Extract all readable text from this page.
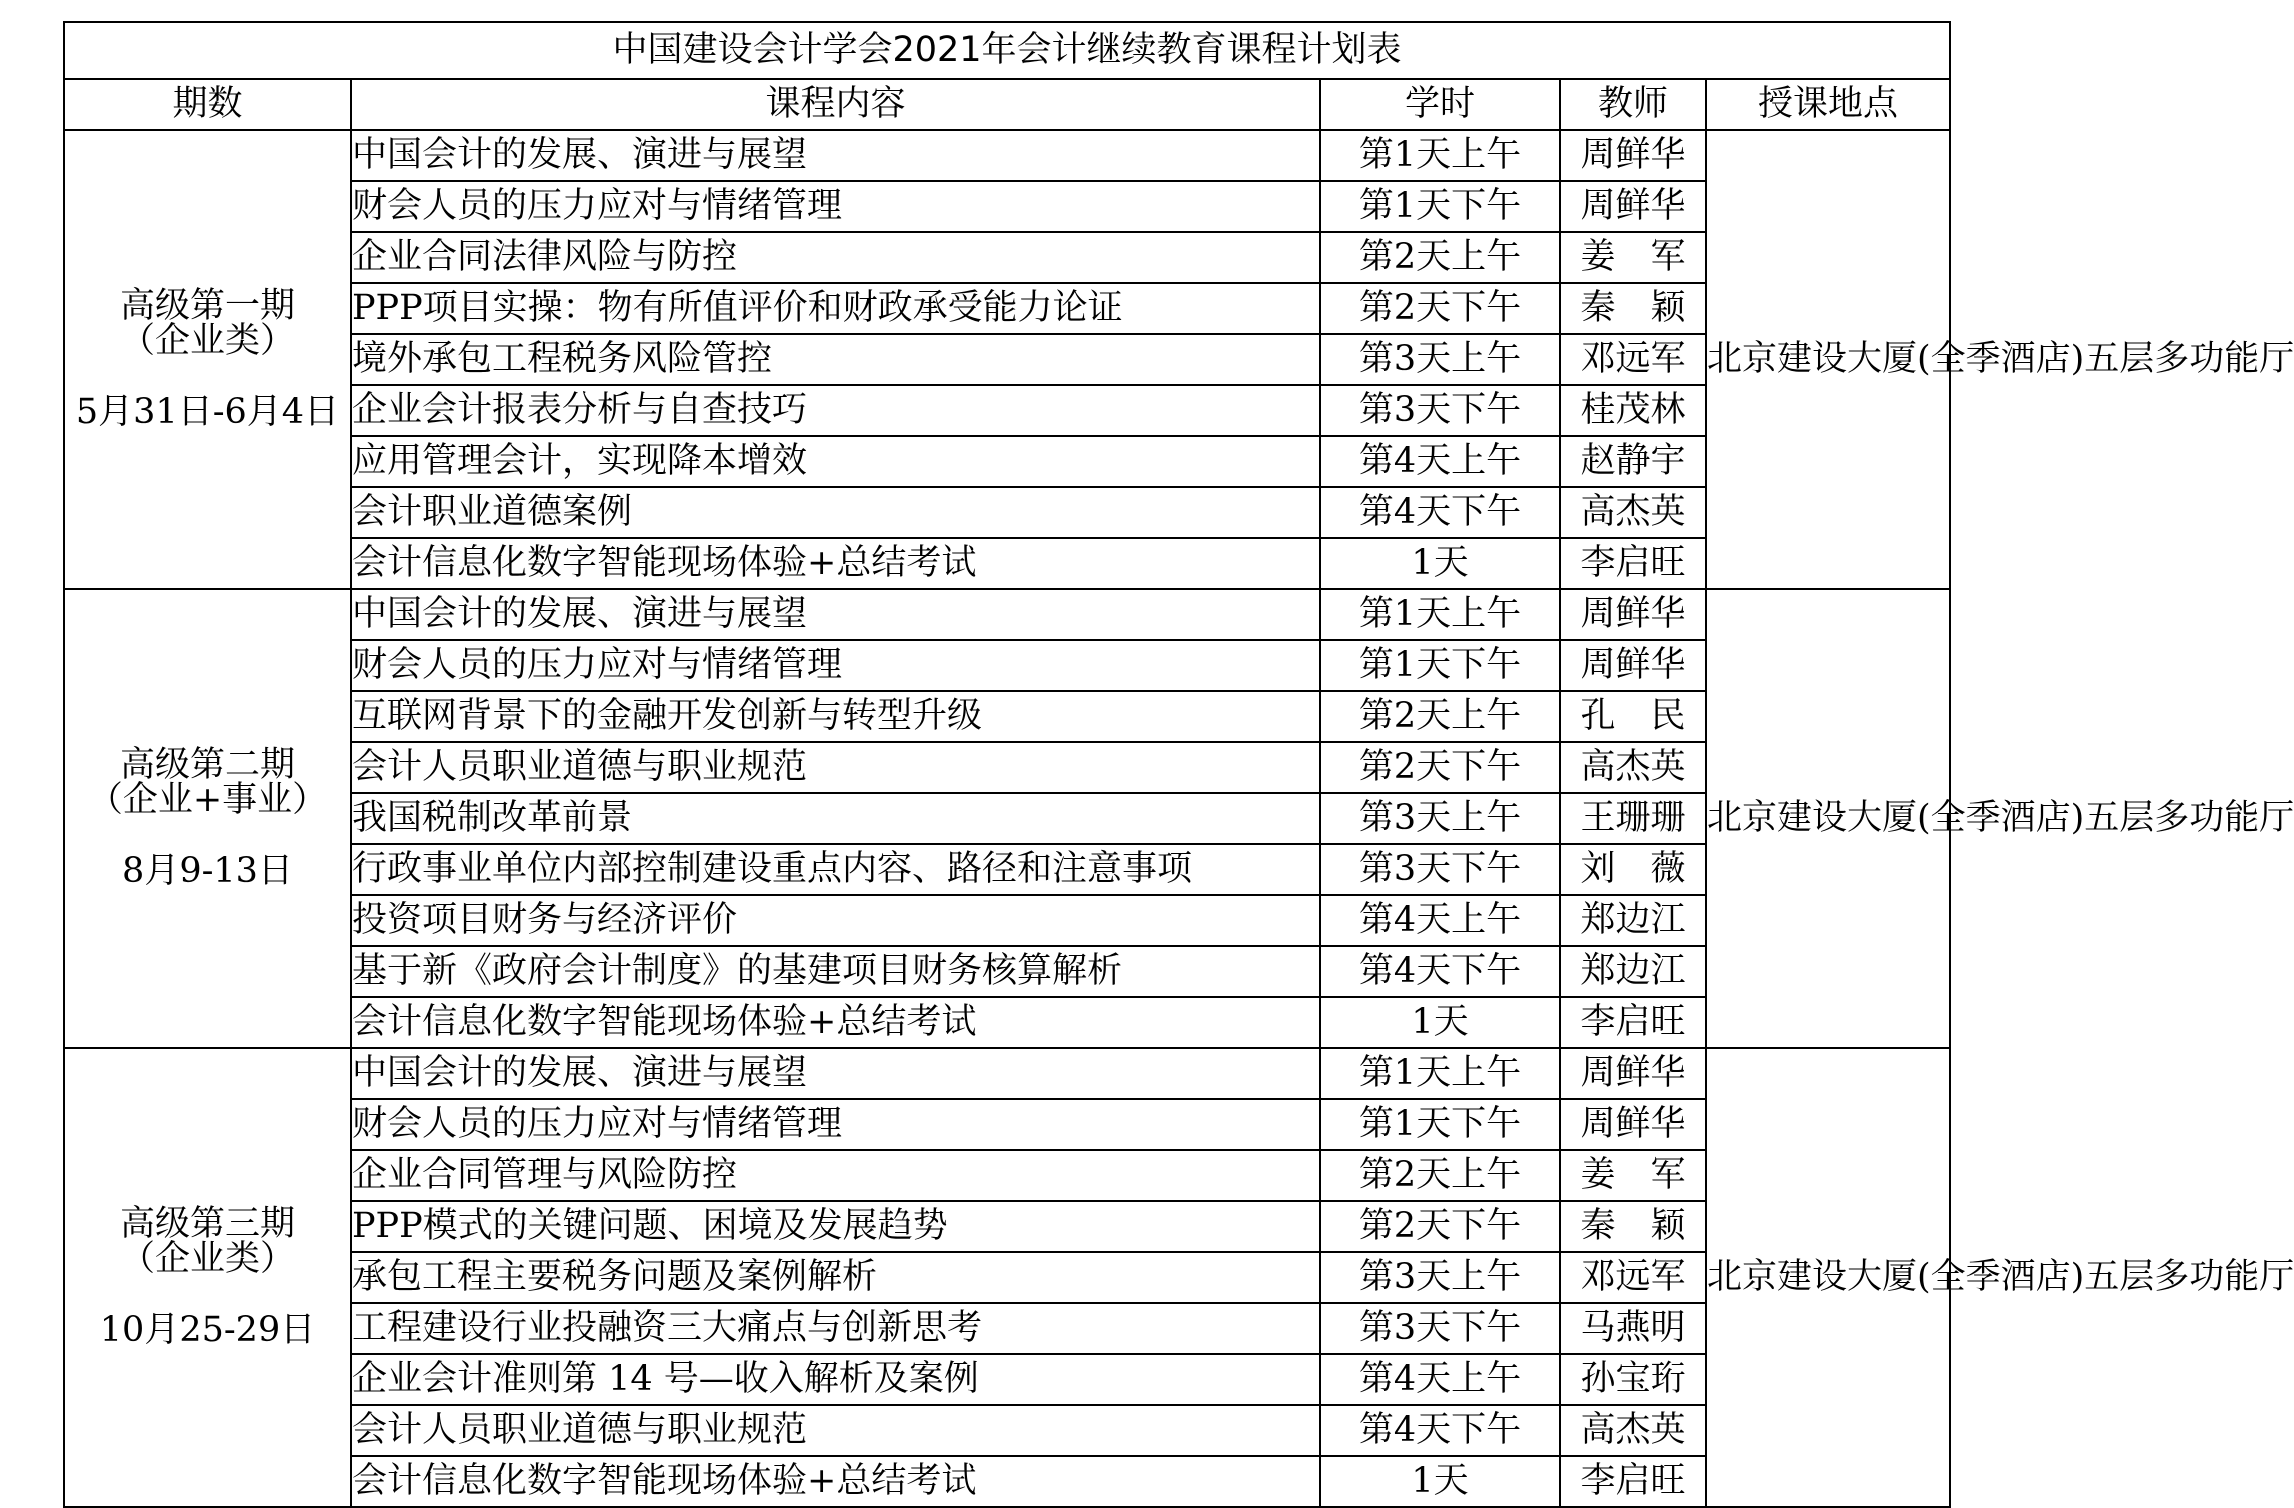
中国建设会计学会2021年会计继续教育课程计划表				
期数	课程内容	学时	教师	授课地点

高级第一期
（企业类）
5月31日-6月4日	中国会计的发展、演进与展望	第1天上午	周鲜华	北京建设大厦(全季酒店)五层多功能厅
	财会人员的压力应对与情绪管理	第1天下午	周鲜华	
	企业合同法律风险与防控	第2天上午	姜　军	
	PPP项目实操：物有所值评价和财政承受能力论证	第2天下午	秦　颖	
	境外承包工程税务风险管控	第3天上午	邓远军	
	企业会计报表分析与自查技巧	第3天下午	桂茂林	
	应用管理会计，实现降本增效	第4天上午	赵静宇	
	会计职业道德案例	第4天下午	高杰英	
	会计信息化数字智能现场体验+总结考试	1天	李启旺	

高级第二期
（企业+事业）
8月9-13日	中国会计的发展、演进与展望	第1天上午	周鲜华	北京建设大厦(全季酒店)五层多功能厅
	财会人员的压力应对与情绪管理	第1天下午	周鲜华	
	互联网背景下的金融开发创新与转型升级	第2天上午	孔　民	
	会计人员职业道德与职业规范	第2天下午	高杰英	
	我国税制改革前景	第3天上午	王珊珊	
	行政事业单位内部控制建设重点内容、路径和注意事项	第3天下午	刘　薇	
	投资项目财务与经济评价	第4天上午	郑边江	
	基于新《政府会计制度》的基建项目财务核算解析	第4天下午	郑边江	
	会计信息化数字智能现场体验+总结考试	1天	李启旺	

高级第三期
（企业类）
10月25-29日	中国会计的发展、演进与展望	第1天上午	周鲜华	北京建设大厦(全季酒店)五层多功能厅
	财会人员的压力应对与情绪管理	第1天下午	周鲜华	
	企业合同管理与风险防控	第2天上午	姜　军	
	PPP模式的关键问题、困境及发展趋势	第2天下午	秦　颖	
	承包工程主要税务问题及案例解析	第3天上午	邓远军	
	工程建设行业投融资三大痛点与创新思考	第3天下午	马燕明	
	企业会计准则第 14 号—收入解析及案例	第4天上午	孙宝珩	
	会计人员职业道德与职业规范	第4天下午	高杰英	
	会计信息化数字智能现场体验+总结考试	1天	李启旺	
